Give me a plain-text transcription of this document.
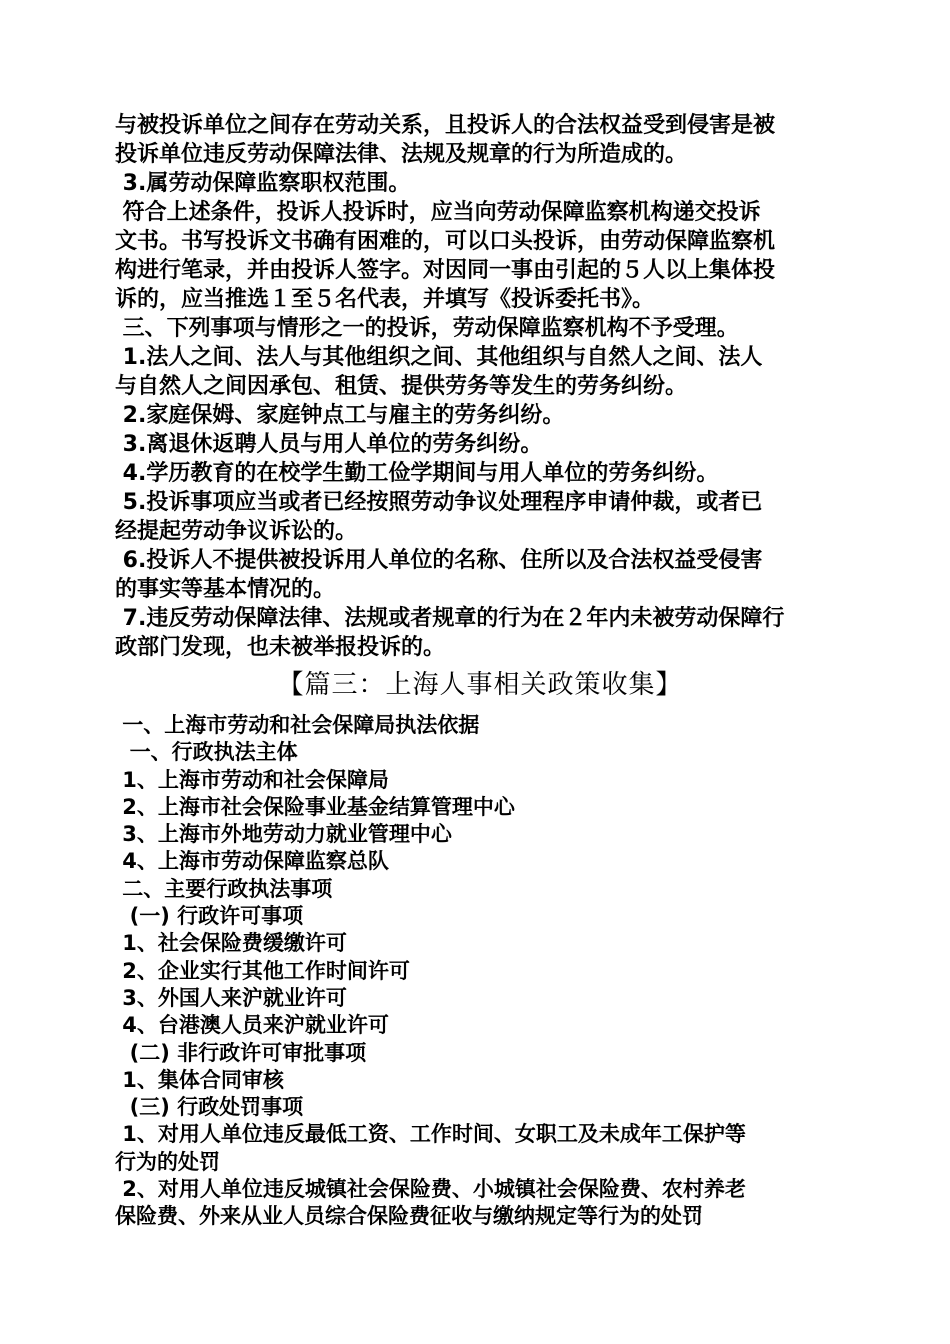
与被投诉单位之间存在劳动关系，且投诉人的合法权益受到侵害是被
投诉单位违反劳动保障法律、法规及规章的行为所造成的。
3.属劳动保障监察职权范围。
符合上述条件，投诉人投诉时，应当向劳动保障监察机构递交投诉
文书。书写投诉文书确有困难的，可以口头投诉，由劳动保障监察机
构进行笔录，并由投诉人签字。对因同一事由引起的５人以上集体投
诉的，应当推选１至５名代表，并填写《投诉委托书》。
三、下列事项与情形之一的投诉，劳动保障监察机构不予受理。
1.法人之间、法人与其他组织之间、其他组织与自然人之间、法人
与自然人之间因承包、租赁、提供劳务等发生的劳务纠纷。
2.家庭保姆、家庭钟点工与雇主的劳务纠纷。
3.离退休返聘人员与用人单位的劳务纠纷。
4.学历教育的在校学生勤工俭学期间与用人单位的劳务纠纷。
5.投诉事项应当或者已经按照劳动争议处理程序申请仲裁，或者已
经提起劳动争议诉讼的。
6.投诉人不提供被投诉用人单位的名称、住所以及合法权益受侵害
的事实等基本情况的。
7.违反劳动保障法律、法规或者规章的行为在２年内未被劳动保障行
政部门发现，也未被举报投诉的。
【篇三：上海人事相关政策收集】
一、上海市劳动和社会保障局执法依据
一、行政执法主体
1、上海市劳动和社会保障局
2、上海市社会保险事业基金结算管理中心
3、上海市外地劳动力就业管理中心
4、上海市劳动保障监察总队
二、主要行政执法事项
(一) 行政许可事项
1、社会保险费缓缴许可
2、企业实行其他工作时间许可
3、外国人来沪就业许可
4、台港澳人员来沪就业许可
(二) 非行政许可审批事项
1、集体合同审核
(三) 行政处罚事项
1、对用人单位违反最低工资、工作时间、女职工及未成年工保护等
行为的处罚
2、对用人单位违反城镇社会保险费、小城镇社会保险费、农村养老
保险费、外来从业人员综合保险费征收与缴纳规定等行为的处罚
